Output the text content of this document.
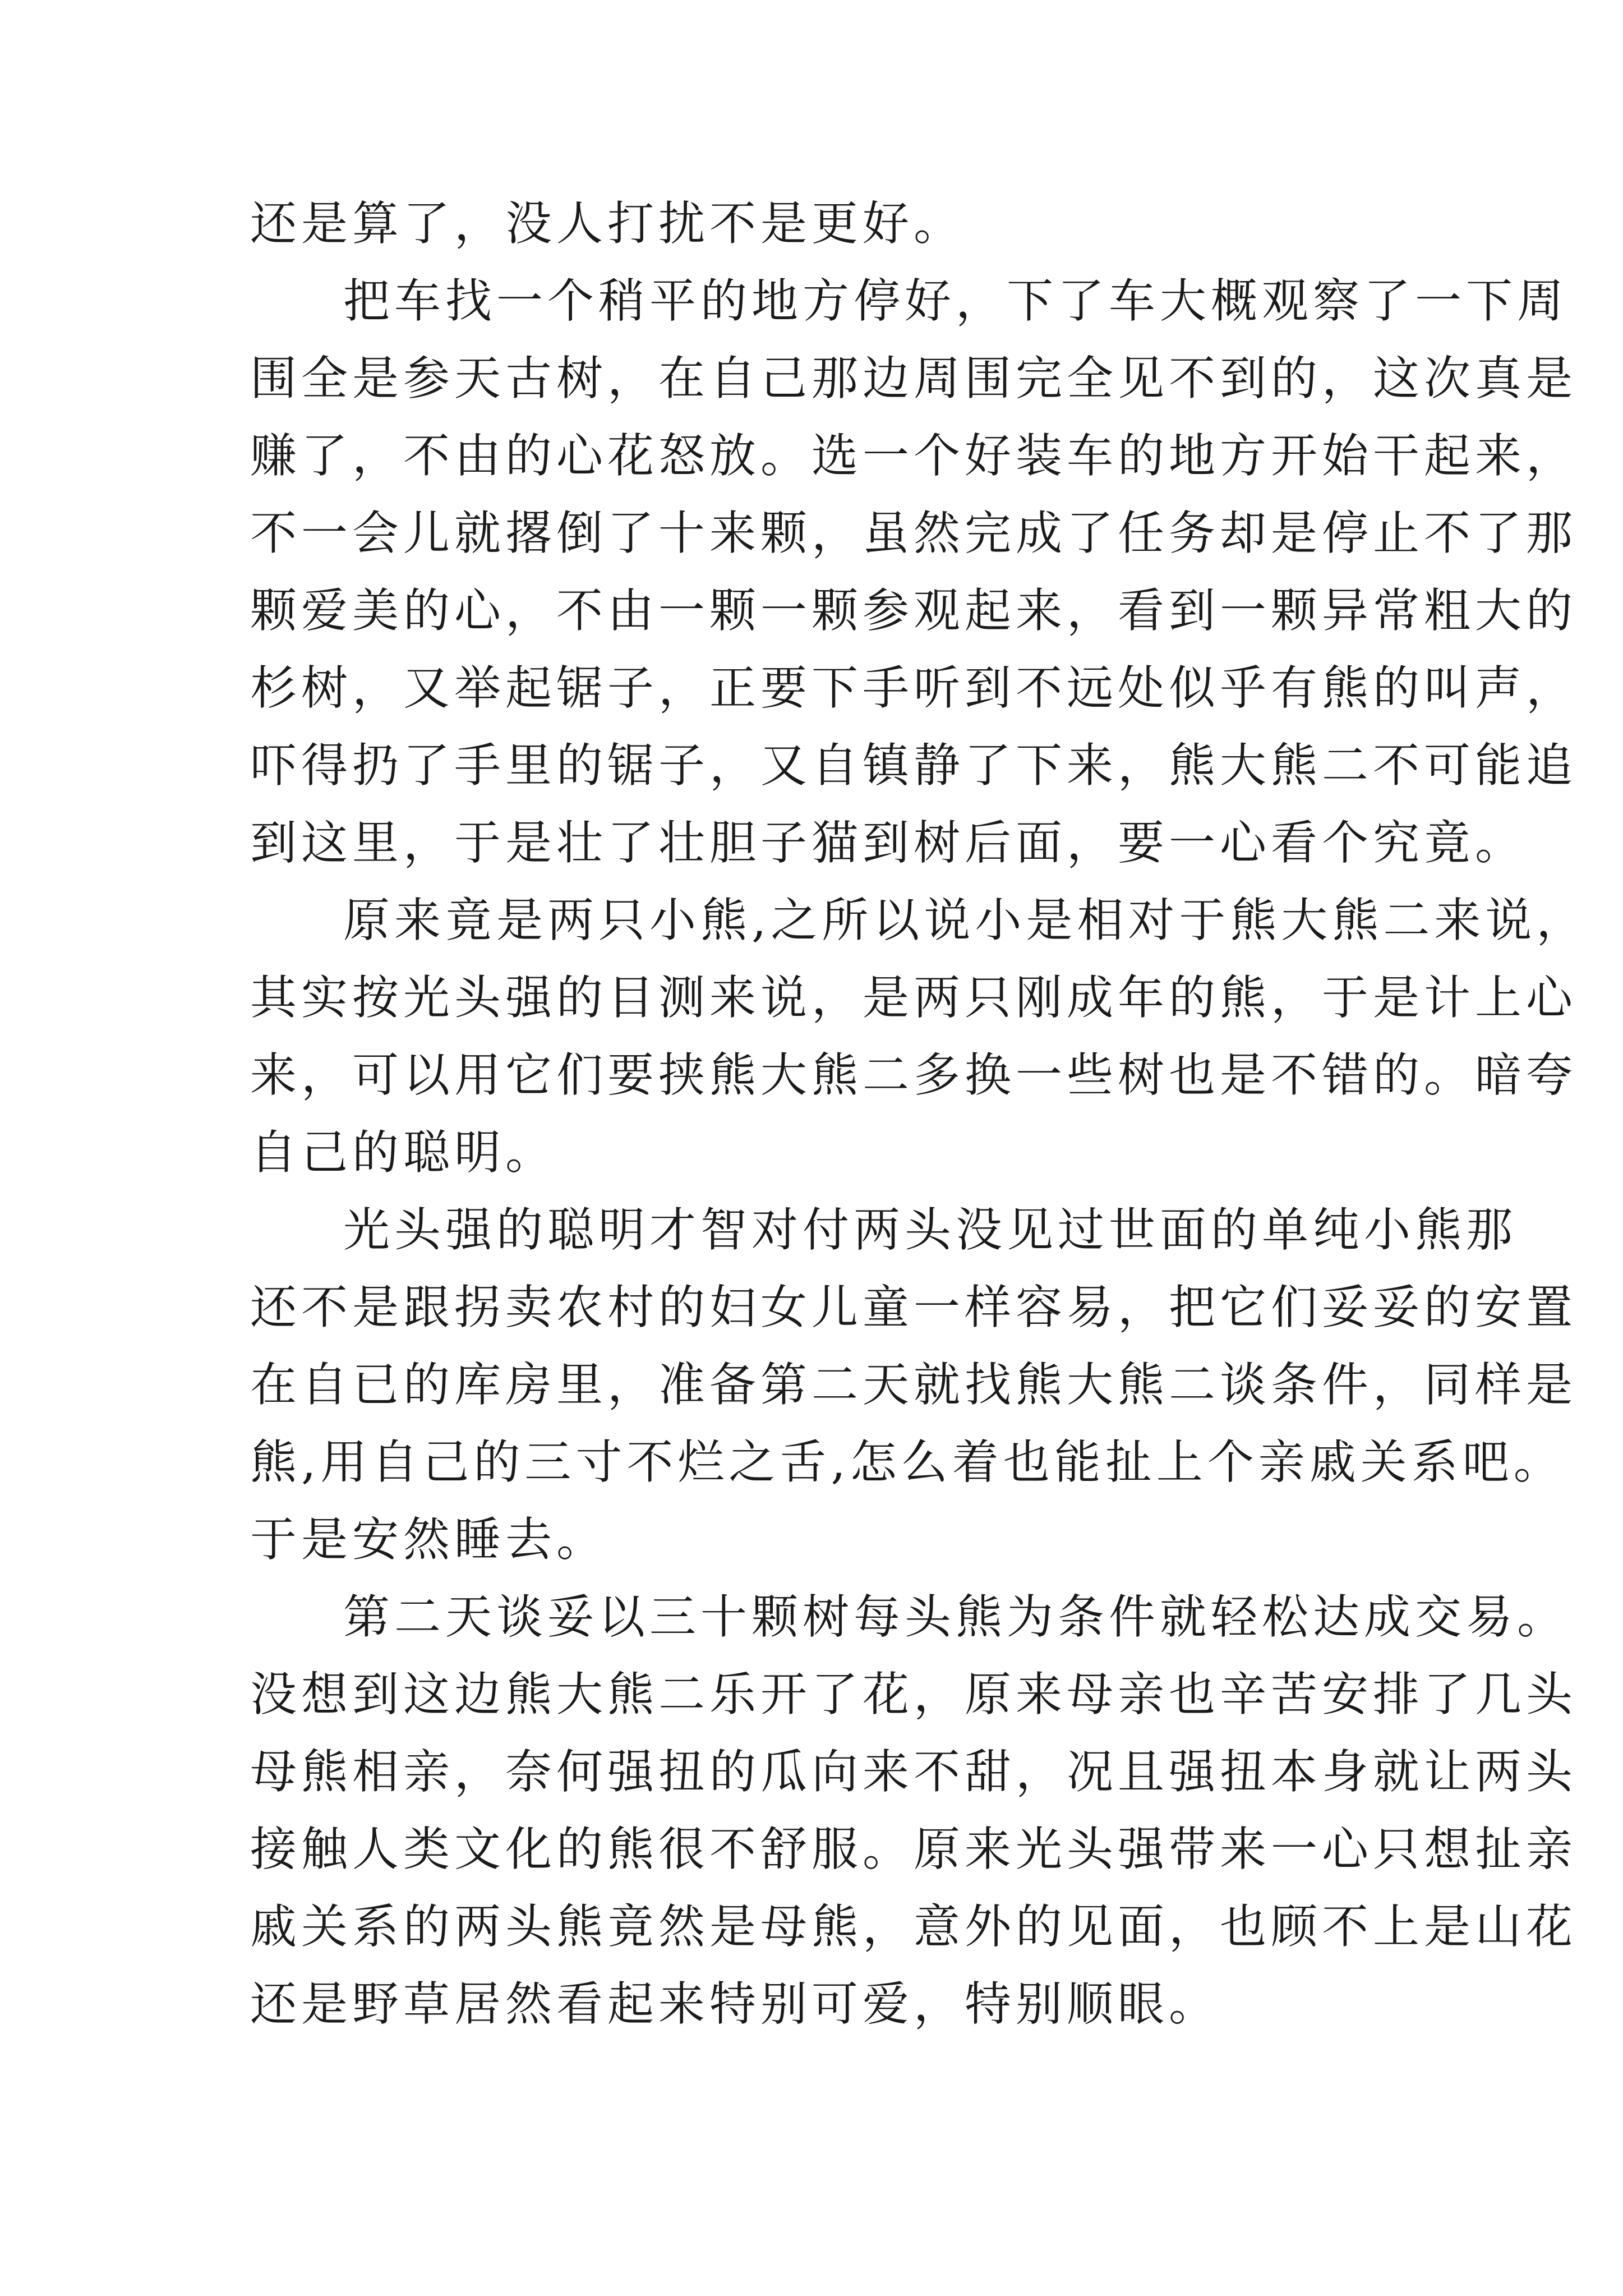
还是算了，没人打扰不是更好。
把车找一个稍平的地方停好，下了车大概观察了一下周
围全是参天古树，在自己那边周围完全见不到的，这次真是
赚了，不由的心花怒放。选一个好装车的地方开始干起来，
不一会儿就撂倒了十来颗，虽然完成了任务却是停止不了那
颗爱美的心，不由一颗一颗参观起来，看到一颗异常粗大的
杉树，又举起锯子，正要下手听到不远处似乎有熊的叫声，
吓得扔了手里的锯子，又自镇静了下来，熊大熊二不可能追
到这里，于是壮了壮胆子猫到树后面，要一心看个究竟。
原来竟是两只小熊,之所以说小是相对于熊大熊二来说，
其实按光头强的目测来说，是两只刚成年的熊，于是计上心
来，可以用它们要挟熊大熊二多换一些树也是不错的。暗夸
自己的聪明。
光头强的聪明才智对付两头没见过世面的单纯小熊那
还不是跟拐卖农村的妇女儿童一样容易，把它们妥妥的安置
在自已的库房里，准备第二天就找熊大熊二谈条件，同样是
熊,用自己的三寸不烂之舌,怎么着也能扯上个亲戚关系吧。
于是安然睡去。
第二天谈妥以三十颗树每头熊为条件就轻松达成交易。
没想到这边熊大熊二乐开了花，原来母亲也辛苦安排了几头
母熊相亲，奈何强扭的瓜向来不甜，况且强扭本身就让两头
接触人类文化的熊很不舒服。原来光头强带来一心只想扯亲
戚关系的两头熊竟然是母熊，意外的见面，也顾不上是山花
还是野草居然看起来特别可爱，特别顺眼。
